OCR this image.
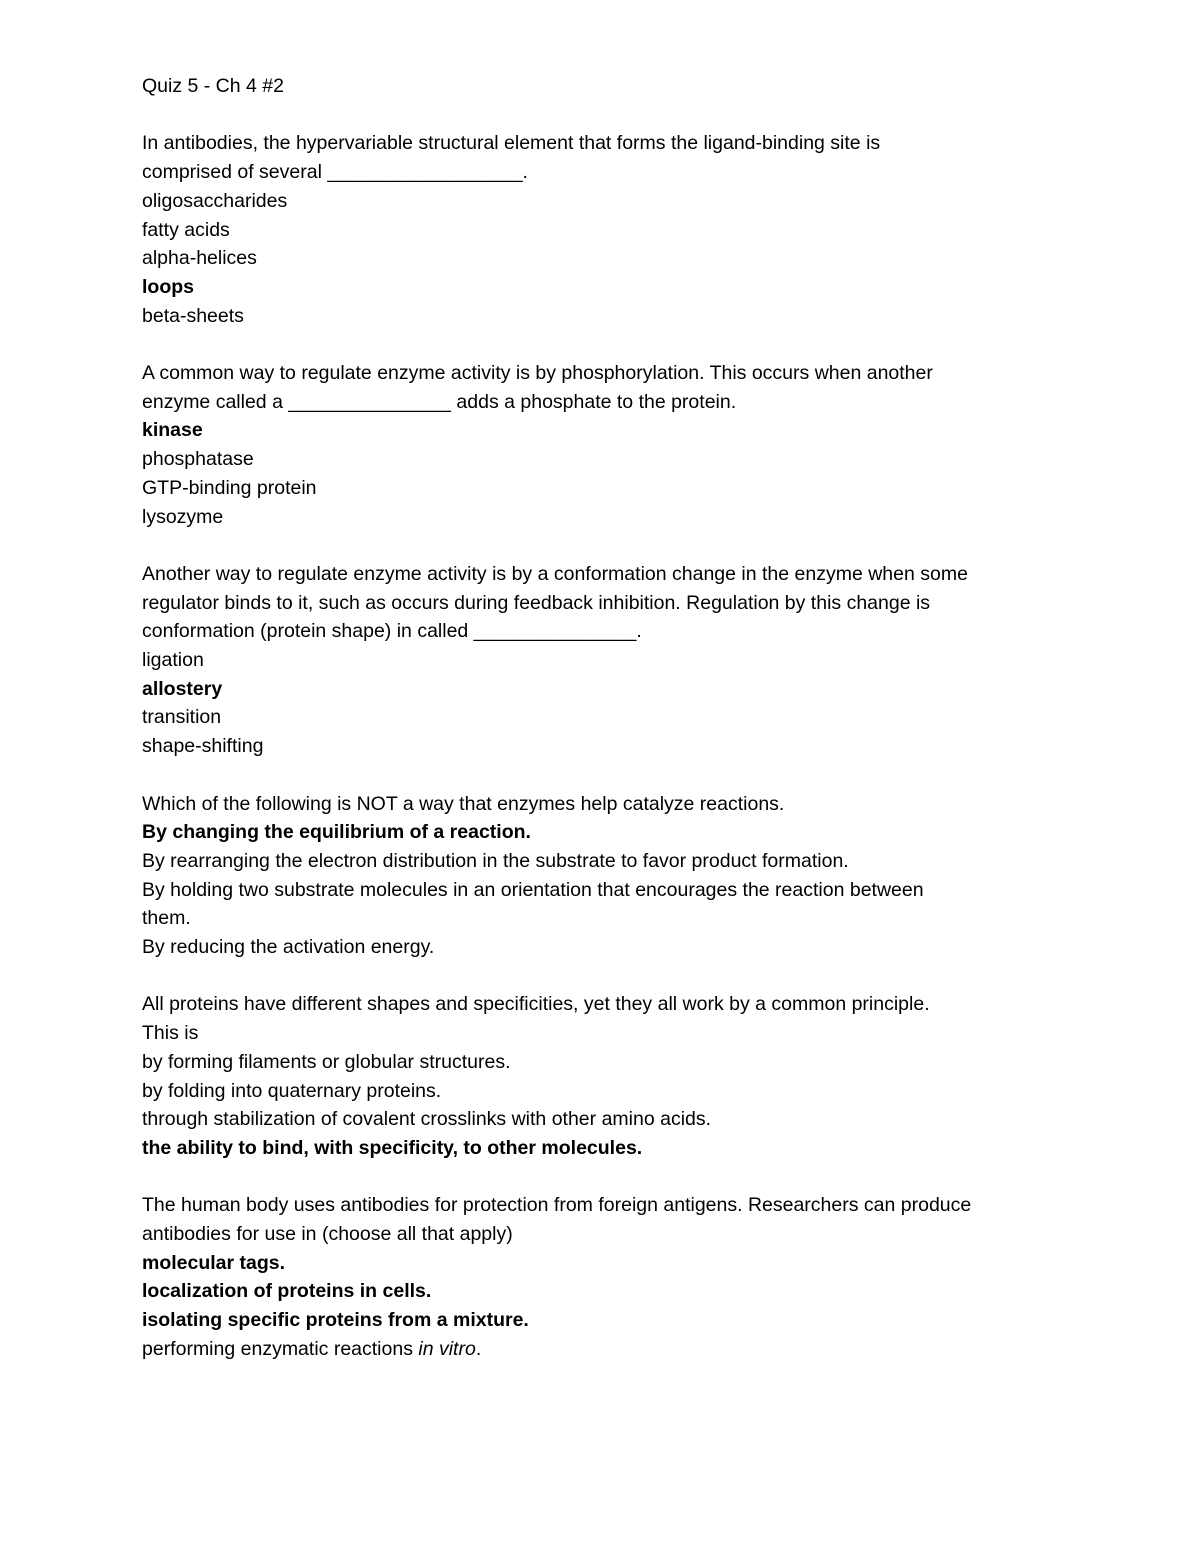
Quiz 5 - Ch 4 #2

In antibodies, the hypervariable structural element that forms the ligand-binding site is

comprised of several __________________.

oligosaccharides

fatty acids

alpha-helices

loops

beta-sheets

A common way to regulate enzyme activity is by phosphorylation. This occurs when another

enzyme called a _______________ adds a phosphate to the protein.

kinase

phosphatase

GTP-binding protein

lysozyme

Another way to regulate enzyme activity is by a conformation change in the enzyme when some

regulator binds to it, such as occurs during feedback inhibition. Regulation by this change is

conformation (protein shape) in called _______________.

ligation

allostery

transition

shape-shifting

Which of the following is NOT a way that enzymes help catalyze reactions.

By changing the equilibrium of a reaction.

By rearranging the electron distribution in the substrate to favor product formation.

By holding two substrate molecules in an orientation that encourages the reaction between

them.

By reducing the activation energy.

All proteins have different shapes and specificities, yet they all work by a common principle.

This is

by forming filaments or globular structures.

by folding into quaternary proteins.

through stabilization of covalent crosslinks with other amino acids.

the ability to bind, with specificity, to other molecules.

The human body uses antibodies for protection from foreign antigens. Researchers can produce

antibodies for use in (choose all that apply)

molecular tags.

localization of proteins in cells.

isolating specific proteins from a mixture.

performing enzymatic reactions in vitro.
